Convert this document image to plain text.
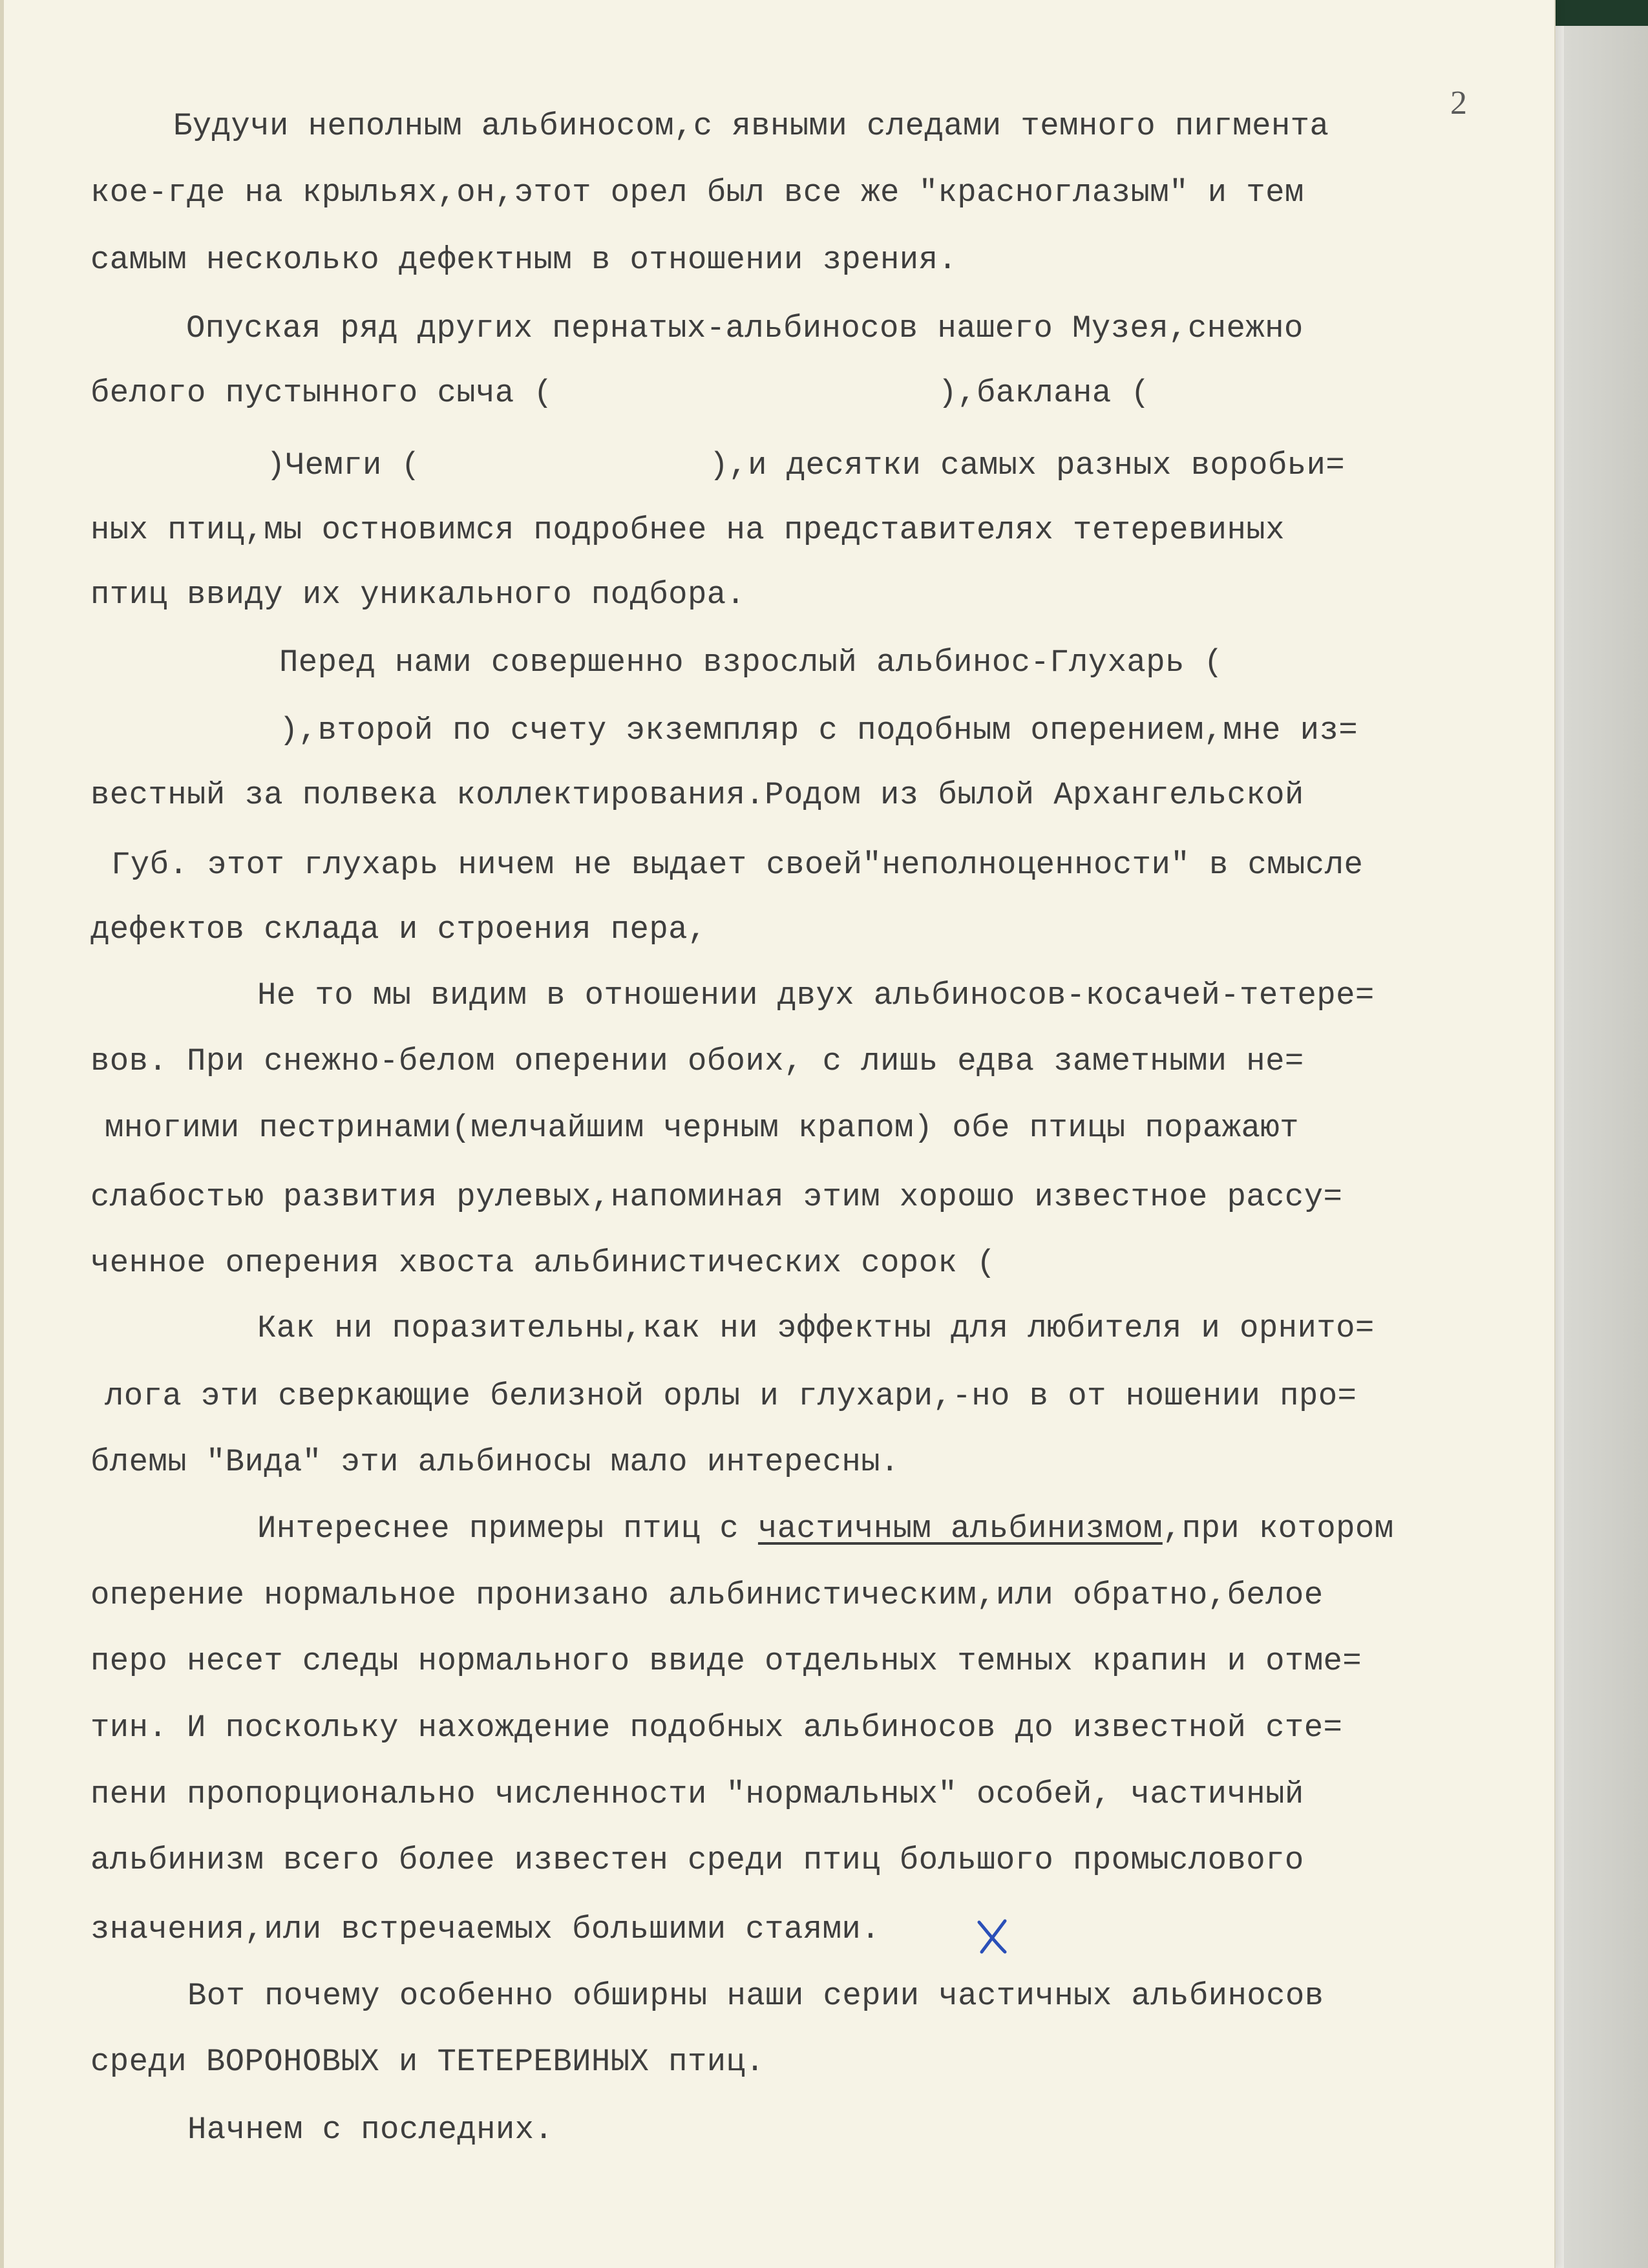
2
Будучи неполным альбиносом,с явными следами темного пигмента
кое-где на крыльях,он,этот орел был все же "красноглазым" и тем
самым несколько дефектным в отношении зрения.
Опуская ряд других пернатых-альбиносов нашего Музея,снежно
белого пустынного сыча (                    ),баклана (
)Чемги (               ),и десятки самых разных воробьи=
ных птиц,мы остновимся подробнее на представителях тетеревиных
птиц ввиду их уникального подбора.
Перед нами совершенно взрослый альбинос-Глухарь (
),второй по счету экземпляр с подобным оперением,мне из=
вестный за полвека коллектирования.Родом из былой Архангельской
Губ. этот глухарь ничем не выдает своей"неполноценности" в смысле
дефектов склада и строения пера,
Не то мы видим в отношении двух альбиносов-косачей-тетере=
вов. При снежно-белом оперении обоих, с лишь едва заметными не=
многими пестринами(мелчайшим черным крапом) обе птицы поражают
слабостью развития рулевых,напоминая этим хорошо известное рассу=
ченное оперения хвоста альбинистических сорок (
Как ни поразительны,как ни эффектны для любителя и орнито=
лога эти сверкающие белизной орлы и глухари,-но в от ношении про=
блемы "Вида" эти альбиносы мало интересны.
Интереснее примеры птиц с частичным альбинизмом,при котором
оперение нормальное пронизано альбинистическим,или обратно,белое
перо несет следы нормального ввиде отдельных темных крапин и отме=
тин. И поскольку нахождение подобных альбиносов до известной сте=
пени пропорционально численности "нормальных" особей, частичный
альбинизм всего более известен среди птиц большого промыслового
значения,или встречаемых большими стаями.
Вот почему особенно обширны наши серии частичных альбиносов
среди ВОРОНОВЫХ и ТЕТЕРЕВИНЫХ птиц.
Начнем с последних.
